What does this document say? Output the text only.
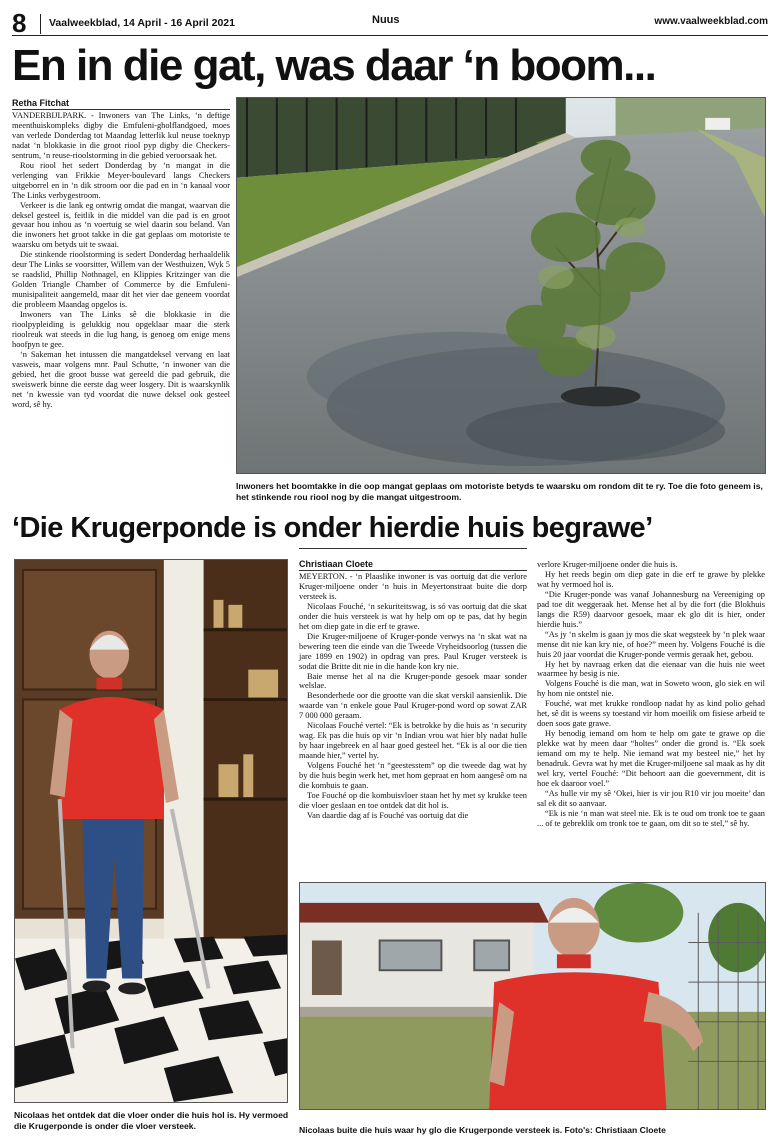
8	Vaalweekblad, 14 April - 16 April 2021	Nuus	www.vaalweekblad.com
En in die gat, was daar ‘n boom...
Retha Fitchat

VANDERBIJLPARK. - Inwoners van The Links, ‘n deftige meenthuiskompleks digby die Emfuleni-gholflandgoed, moes van verlede Donderdag tot Maandag letterlik kul neuse toeknyp nadat ‘n blokkasie in die groot riool pyp digby die Checkers-sentrum, ‘n reuse-rioolstorming in die gebied veroorsaak het.

Rou riool het sedert Donderdag by ‘n mangat in die verlenging van Frikkie Meyer-boulevard langs Checkers uitgeborrel en in ‘n dik stroom oor die pad en in ‘n kanaal voor The Links verbygestroom.

Verkeer is die lank eg ontwrig omdat die mangat, waarvan die deksel gesteel is, feitlik in die middel van die pad is en groot gevaar hou inhou as ‘n voertuig se wiel daarin sou beland. Van die inwoners het groot takke in die gat geplaas om motoriste te waarsku om betyds uit te swaai.

Die stinkende rioolstorming is sedert Donderdag herhaaldelik deur The Links se voorsitter, Willem van der Westhuizen, Wyk 5 se raadslid, Phillip Nothnagel, en Klippies Kritzinger van die Golden Triangle Chamber of Commerce by die Emfuleni-munisipaliteit aangemeld, maar dit het vier dae geneem voordat die probleem Maandag opgelos is.

Inwoners van The Links sê die blokkasie in die rioolpypleiding is gelukkig nou opgeklaar maar die sterk rioolreuk wat steeds in die lug hang, is genoeg om enige mens hoofpyn te gee.

‘n Sakeman het intussen die mangatdeksel vervang en laat vasweis, maar volgens mnr. Paul Schutte, ‘n inwoner van die gebied, het die groot busse wat gereeld die pad gebruik, die sweiswerk binne die eerste dag weer losgery. Dit is waarskynlik net ‘n kwessie van tyd voordat die nuwe deksel ook gesteel word, sê hy.

Inwoners het boomtakke in die oop mangat geplaas om motoriste betyds te waarsku om rondom dit te ry. Toe die foto geneem is, het stinkende rou riool nog by die mangat uitgestroom.
‘Die Krugerponde is onder hierdie huis begrawe’
Nicolaas het ontdek dat die vloer onder die huis hol is. Hy vermoed die Krugerponde is onder die vloer versteek.
Christiaan Cloete

MEYERTON. - ‘n Plaaslike inwoner is vas oortuig dat die verlore Kruger-miljoene onder ‘n huis in Meyertonstraat buite die dorp versteek is.

Nicolaas Fouché, ‘n sekuriteitswag, is só vas oortuig dat die skat onder die huis versteek is wat hy help om op te pas, dat hy begin het om diep gate in die erf te grawe.

Die Kruger-miljoene of Kruger-ponde verwys na ‘n skat wat na bewering teen die einde van die Tweede Vryheidsoorlog (tussen die jare 1899 en 1902) in opdrag van pres. Paul Kruger versteek is sodat die Britte dit nie in die hande kon kry nie.

Baie mense het al na die Kruger-ponde gesoek maar sonder welslae.

Besonderhede oor die grootte van die skat verskil aansienlik. Die waarde van ‘n enkele goue Paul Kruger-pond word op sowat ZAR 7 000 000 geraam.

Nicolaas Fouché vertel: “Ek is betrokke by die huis as ‘n security wag. Ek pas die huis op vir ‘n Indian vrou wat hier bly nadat hulle by haar ingebreek en al haar goed gesteel het. “Ek is al oor die tien maande hier,” vertel hy.

Volgens Fouché het ‘n “geestesstem” op die tweede dag wat hy by die huis begin werk het, met hom gepraat en hom aangesê om na die kombuis te gaan.

Toe Fouché op die kombuisvloer staan het hy met sy krukke teen die vloer geslaan en toe ontdek dat dit hol is.

Van daardie dag af is Fouché vas oortuig dat die

verlore Kruger-miljoene onder die huis is.

Hy het reeds begin om diep gate in die erf te grawe by plekke wat hy vermoed hol is.

“Die Kruger-ponde was vanaf Johannesburg na Vereeniging op pad toe dit weggeraak het. Mense het al by die fort (die Blokhuis langs die R59) daarvoor gesoek, maar ek glo dit is hier, onder hierdie huis.”

“As jy ‘n skelm is gaan jy mos die skat wegsteek by ‘n plek waar mense dit nie kan kry nie, of hoe?” meen hy. Volgens Fouché is die huis 20 jaar voordat die Kruger-ponde vermis geraak het, gebou.

Hy het by navraag erken dat die eienaar van die huis nie weet waarmee hy besig is nie.

Volgens Fouché is die man, wat in Soweto woon, glo siek en wil hy hom nie ontstel nie.

Fouché, wat met krukke rondloop nadat hy as kind polio gehad het, sê dit is weens sy toestand vir hom moeilik om fisiese arbeid te doen soos gate grawe.

Hy benodig iemand om hom te help om gate te grawe op die plekke wat hy meen daar “holtes” onder die grond is. “Ek soek iemand om my te help. Nie iemand wat my besteel nie,” het hy benadruk. Gevra wat hy met die Kruger-miljoene sal maak as hy dit wel kry, vertel Fouché: “Dit behoort aan die goevernment, dit is hoe ek daaroor voel.”

“As hulle vir my sê ‘Okei, hier is vir jou R10 vir jou moeite’ dan sal ek dit so aanvaar.

“Ek is nie ‘n man wat steel nie. Ek is te oud om tronk toe te gaan ... of te gebreklik om tronk toe te gaan, om dit so te stel,” sê hy.

Nicolaas buite die huis waar hy glo die Krugerponde versteek is. Foto's: Christiaan Cloete
